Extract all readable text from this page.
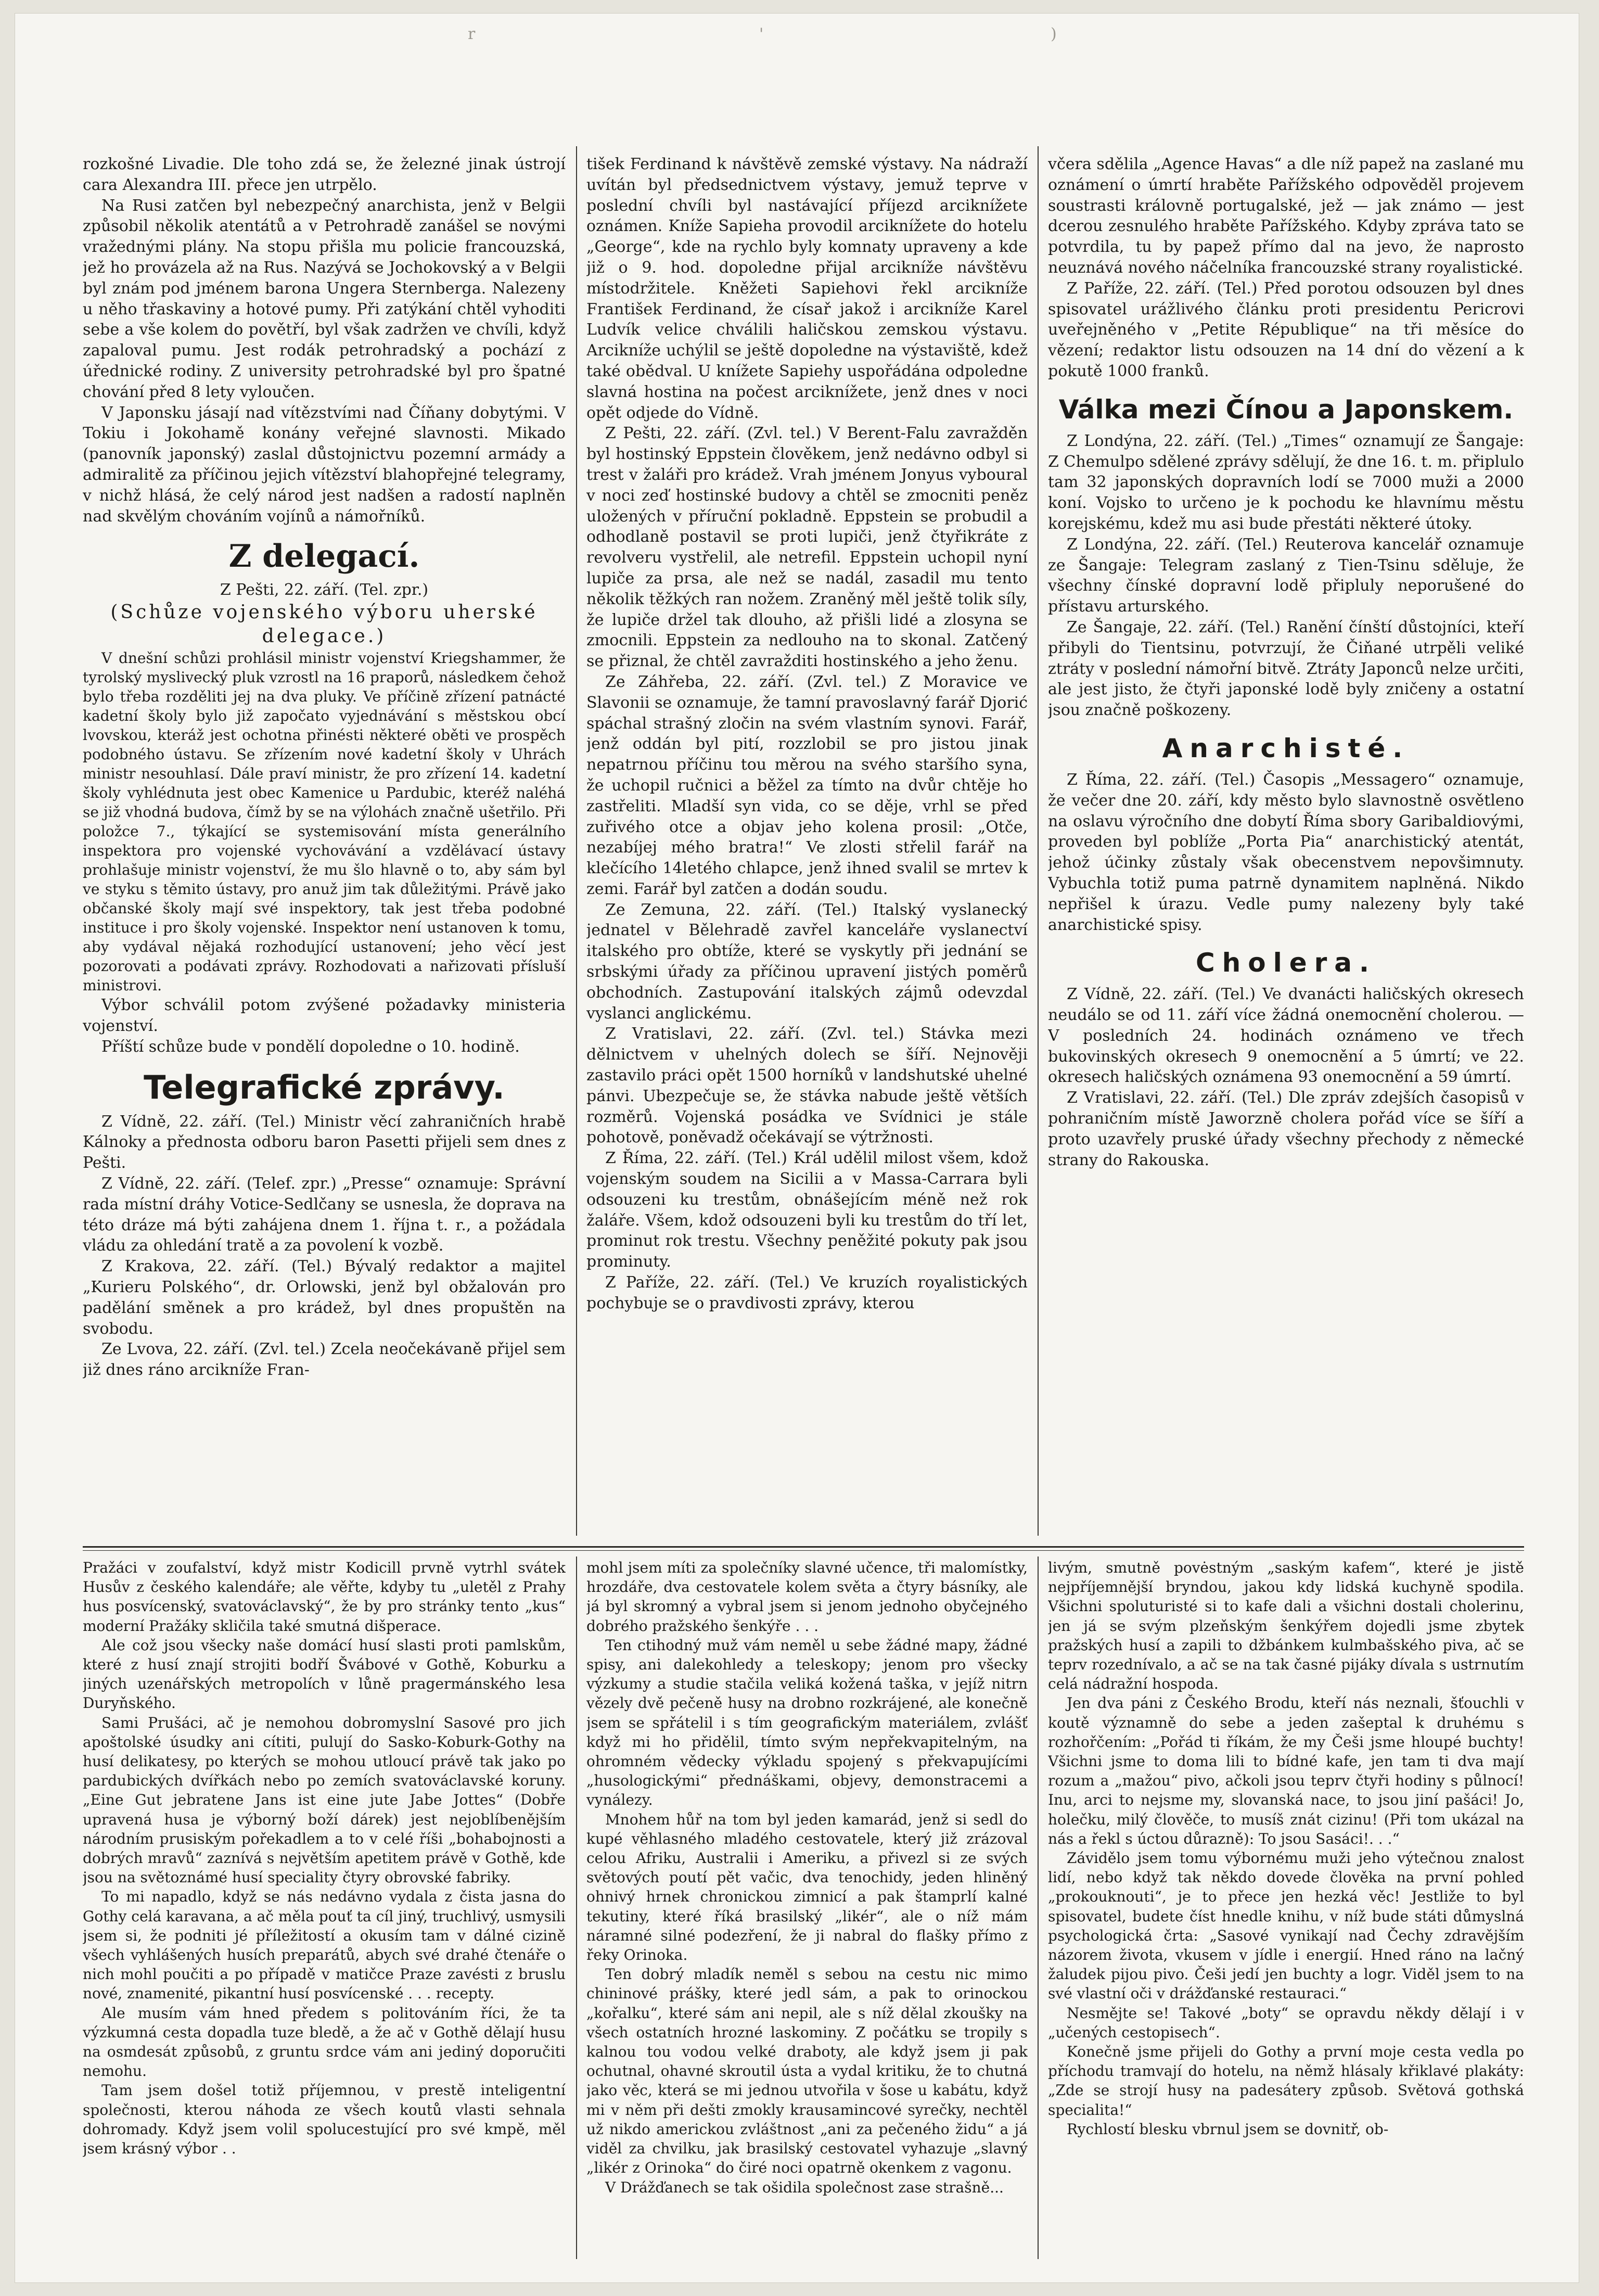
r	'	)

rozkošné Livadie. Dle toho zdá se, že železné jinak ústrojí cara Alexandra III. přece jen utrpělo.

Na Rusi zatčen byl nebezpečný anarchista, jenž v Belgii způsobil několik atentátů a v Petrohradě zanášel se novými vražednými plány. Na stopu přišla mu policie francouzská, jež ho provázela až na Rus. Nazývá se Jochokovský a v Belgii byl znám pod jménem barona Ungera Sternberga. Nalezeny u něho třaskaviny a hotové pumy. Při zatýkání chtěl vyhoditi sebe a vše kolem do povětří, byl však zadržen ve chvíli, když zapaloval pumu. Jest rodák petrohradský a pochází z úřednické rodiny. Z university petrohradské byl pro špatné chování před 8 lety vyloučen.

V Japonsku jásají nad vítězstvími nad Číňany dobytými. V Tokiu i Jokohamě konány veřejné slavnosti. Mikado (panovník japonský) zaslal důstojnictvu pozemní armády a admiralitě za příčinou jejich vítězství blahopřejné telegramy, v nichž hlásá, že celý národ jest nadšen a radostí naplněn nad skvělým chováním vojínů a námořníků.

Z delegací.

Z Pešti, 22. září. (Tel. zpr.)

(Schůze vojenského výboru uherské delegace.)

V dnešní schůzi prohlásil ministr vojenství Kriegshammer, že tyrolský myslivecký pluk vzrostl na 16 praporů, následkem čehož bylo třeba rozděliti jej na dva pluky. Ve příčině zřízení patnácté kadetní školy bylo již započato vyjednávání s městskou obcí lvovskou, kteráž jest ochotna přinésti některé oběti ve prospěch podobného ústavu. Se zřízením nové kadetní školy v Uhrách ministr nesouhlasí. Dále praví ministr, že pro zřízení 14. kadetní školy vyhlédnuta jest obec Kamenice u Pardubic, kteréž naléhá se již vhodná budova, čímž by se na výlohách značně ušetřilo. Při položce 7., týkající se systemisování místa generálního inspektora pro vojenské vychovávání a vzdělávací ústavy prohlašuje ministr vojenství, že mu šlo hlavně o to, aby sám byl ve styku s těmito ústavy, pro anuž jim tak důležitými. Právě jako občanské školy mají své inspektory, tak jest třeba podobné instituce i pro školy vojenské. Inspektor není ustanoven k tomu, aby vydával nějaká rozhodující ustanovení; jeho věcí jest pozorovati a podávati zprávy. Rozhodovati a nařizovati přísluší ministrovi.

Výbor schválil potom zvýšené požadavky ministeria vojenství.

Příští schůze bude v pondělí dopoledne o 10. hodině.

Telegrafické zprávy.

Z Vídně, 22. září. (Tel.) Ministr věcí zahraničních hrabě Kálnoky a přednosta odboru baron Pasetti přijeli sem dnes z Pešti.

Z Vídně, 22. září. (Telef. zpr.) „Presse“ oznamuje: Správní rada místní dráhy Votice-Sedlčany se usnesla, že doprava na této dráze má býti zahájena dnem 1. října t. r., a požádala vládu za ohledání tratě a za povolení k vozbě.

Z Krakova, 22. září. (Tel.) Bývalý redaktor a majitel „Kurieru Polského“, dr. Orlowski, jenž byl obžalován pro padělání směnek a pro krádež, byl dnes propuštěn na svobodu.

Ze Lvova, 22. září. (Zvl. tel.) Zcela neočekávaně přijel sem již dnes ráno arcikníže Fran-

tišek Ferdinand k návštěvě zemské výstavy. Na nádraží uvítán byl předsednictvem výstavy, jemuž teprve v poslední chvíli byl nastávající příjezd arciknížete oznámen. Kníže Sapieha provodil arciknížete do hotelu „George“, kde na rychlo byly komnaty upraveny a kde již o 9. hod. dopoledne přijal arcikníže návštěvu místodržitele. Kněžeti Sapiehovi řekl arcikníže František Ferdinand, že císař jakož i arcikníže Karel Ludvík velice chválili haličskou zemskou výstavu. Arcikníže uchýlil se ještě dopoledne na výstaviště, kdež také obědval. U knížete Sapiehy uspořádána odpoledne slavná hostina na počest arciknížete, jenž dnes v noci opět odjede do Vídně.

Z Pešti, 22. září. (Zvl. tel.) V Berent-Falu zavražděn byl hostinský Eppstein člověkem, jenž nedávno odbyl si trest v žaláři pro krádež. Vrah jménem Jonyus vyboural v noci zeď hostinské budovy a chtěl se zmocniti peněz uložených v příruční pokladně. Eppstein se probudil a odhodlaně postavil se proti lupiči, jenž čtyřikráte z revolveru vystřelil, ale netrefil. Eppstein uchopil nyní lupiče za prsa, ale než se nadál, zasadil mu tento několik těžkých ran nožem. Zraněný měl ještě tolik síly, že lupiče držel tak dlouho, až přišli lidé a zlosyna se zmocnili. Eppstein za nedlouho na to skonal. Zatčený se přiznal, že chtěl zavražditi hostinského a jeho ženu.

Ze Záhřeba, 22. září. (Zvl. tel.) Z Moravice ve Slavonii se oznamuje, že tamní pravoslavný farář Djorić spáchal strašný zločin na svém vlastním synovi. Farář, jenž oddán byl pití, rozzlobil se pro jistou jinak nepatrnou příčinu tou měrou na svého staršího syna, že uchopil ručnici a běžel za tímto na dvůr chtěje ho zastřeliti. Mladší syn vida, co se děje, vrhl se před zuřivého otce a objav jeho kolena prosil: „Otče, nezabíjej mého bratra!“ Ve zlosti střelil farář na klečícího 14letého chlapce, jenž ihned svalil se mrtev k zemi. Farář byl zatčen a dodán soudu.

Ze Zemuna, 22. září. (Tel.) Italský vyslanecký jednatel v Bělehradě zavřel kanceláře vyslanectví italského pro obtíže, které se vyskytly při jednání se srbskými úřady za příčinou upravení jistých poměrů obchodních. Zastupování italských zájmů odevzdal vyslanci anglickému.

Z Vratislavi, 22. září. (Zvl. tel.) Stávka mezi dělnictvem v uhelných dolech se šíří. Nejnověji zastavilo práci opět 1500 horníků v landshutské uhelné pánvi. Ubezpečuje se, že stávka nabude ještě větších rozměrů. Vojenská posádka ve Svídnici je stále pohotově, poněvadž očekávají se výtržnosti.

Z Říma, 22. září. (Tel.) Král udělil milost všem, kdož vojenským soudem na Sicilii a v Massa-Carrara byli odsouzeni ku trestům, obnášejícím méně než rok žaláře. Všem, kdož odsouzeni byli ku trestům do tří let, prominut rok trestu. Všechny peněžité pokuty pak jsou prominuty.

Z Paříže, 22. září. (Tel.) Ve kruzích royalistických pochybuje se o pravdivosti zprávy, kterou

včera sdělila „Agence Havas“ a dle níž papež na zaslané mu oznámení o úmrtí hraběte Pařížského odpověděl projevem soustrasti královně portugalské, jež — jak známo — jest dcerou zesnulého hraběte Pařížského. Kdyby zpráva tato se potvrdila, tu by papež přímo dal na jevo, že naprosto neuznává nového náčelníka francouzské strany royalistické.

Z Paříže, 22. září. (Tel.) Před porotou odsouzen byl dnes spisovatel urážlivého článku proti presidentu Pericrovi uveřejněného v „Petite République“ na tři měsíce do vězení; redaktor listu odsouzen na 14 dní do vězení a k pokutě 1000 franků.

Válka mezi Čínou a Japonskem.

Z Londýna, 22. září. (Tel.) „Times“ oznamují ze Šangaje: Z Chemulpo sdělené zprávy sdělují, že dne 16. t. m. připlulo tam 32 japonských dopravních lodí se 7000 muži a 2000 koní. Vojsko to určeno je k pochodu ke hlavnímu městu korejskému, kdež mu asi bude přestáti některé útoky.

Z Londýna, 22. září. (Tel.) Reuterova kancelář oznamuje ze Šangaje: Telegram zaslaný z Tien-Tsinu sděluje, že všechny čínské dopravní lodě připluly neporušené do přístavu arturského.

Ze Šangaje, 22. září. (Tel.) Ranění čínští důstojníci, kteří přibyli do Tientsinu, potvrzují, že Čiňané utrpěli veliké ztráty v poslední námořní bitvě. Ztráty Japonců nelze určiti, ale jest jisto, že čtyři japonské lodě byly zničeny a ostatní jsou značně poškozeny.

Anarchisté.

Z Říma, 22. září. (Tel.) Časopis „Messagero“ oznamuje, že večer dne 20. září, kdy město bylo slavnostně osvětleno na oslavu výročního dne dobytí Říma sbory Garibaldiovými, proveden byl poblíže „Porta Pia“ anarchistický atentát, jehož účinky zůstaly však obecenstvem nepovšimnuty. Vybuchla totiž puma patrně dynamitem naplněná. Nikdo nepřišel k úrazu. Vedle pumy nalezeny byly také anarchistické spisy.

Cholera.

Z Vídně, 22. září. (Tel.) Ve dvanácti haličských okresech neudálo se od 11. září více žádná onemocnění cholerou. — V posledních 24. hodinách oznámeno ve třech bukovinských okresech 9 onemocnění a 5 úmrtí; ve 22. okresech haličských oznámena 93 onemocnění a 59 úmrtí.

Z Vratislavi, 22. září. (Tel.) Dle zpráv zdejších časopisů v pohraničním místě Jaworzně cholera pořád více se šíří a proto uzavřely pruské úřady všechny přechody z německé strany do Rakouska.

Pražáci v zoufalství, když mistr Kodicill prvně vytrhl svátek Husův z českého kalendáře; ale věřte, kdyby tu „uletěl z Prahy hus posvícenský, svatováclavský“, že by pro stránky tento „kus“ moderní Pražáky skličila také smutná dišperace.

Ale což jsou všecky naše domácí husí slasti proti pamlskům, které z husí znají strojiti bodří Švábové v Gothě, Koburku a jiných uzenářských metropolích v lůně pragermánského lesa Duryňského.

Sami Prušáci, ač je nemohou dobromyslní Sasové pro jich apoštolské úsudky ani cítiti, pulují do Sasko-Koburk-Gothy na husí delikatesy, po kterých se mohou utloucí právě tak jako po pardubických dvířkách nebo po zemích svatováclavské koruny. „Eine Gut jebratene Jans ist eine jute Jabe Jottes“ (Dobře upravená husa je výborný boží dárek) jest nejoblíbenějším národním prusiským pořekadlem a to v celé říši „bohabojnosti a dobrých mravů“ zaznívá s největším apetitem právě v Gothě, kde jsou na světoznámé husí speciality čtyry obrovské fabriky.

To mi napadlo, když se nás nedávno vydala z čista jasna do Gothy celá karavana, a ač měla pouť ta cíl jiný, truchlivý, usmysili jsem si, že podniti jé příležitostí a okusím tam v dálné cizině všech vyhlášených husích preparátů, abych své drahé čtenáře o nich mohl poučiti a po případě v matičce Praze zavésti z bruslu nové, znamenité, pikantní husí posvícenské . . . recepty.

Ale musím vám hned předem s politováním říci, že ta výzkumná cesta dopadla tuze bledě, a že ač v Gothě dělají husu na osmdesát způsobů, z gruntu srdce vám ani jediný doporučiti nemohu.

Tam jsem došel totiž příjemnou, v prestě inteligentní společnosti, kterou náhoda ze všech koutů vlasti sehnala dohromady. Když jsem volil spolucestující pro své kmpě, měl jsem krásný výbor . .

mohl jsem míti za společníky slavné učence, tři malomístky, hrozdáře, dva cestovatele kolem světa a čtyry básníky, ale já byl skromný a vybral jsem si jenom jednoho obyčejného dobrého pražského šenkýře . . .

Ten ctihodný muž vám neměl u sebe žádné mapy, žádné spisy, ani dalekohledy a teleskopy; jenom pro všecky výzkumy a studie stačila veliká kožená taška, v jejíž nitrn vězely dvě pečeně husy na drobno rozkrájené, ale konečně jsem se spřátelil i s tím geografickým materiálem, zvlášť když mi ho přidělil, tímto svým nepřekvapitelným, na ohromném vědecky výkladu spojený s překvapujícími „husologickými“ přednáškami, objevy, demonstracemi a vynálezy.

Mnohem hůř na tom byl jeden kamarád, jenž si sedl do kupé věhlasného mladého cestovatele, který již zrázoval celou Afriku, Australii i Ameriku, a přivezl si ze svých světových poutí pět vačic, dva tenochidy, jeden hliněný ohnivý hrnek chronickou zimnicí a pak štamprlí kalné tekutiny, které říká brasilský „likér“, ale o níž mám náramné silné podezření, že ji nabral do flašky přímo z řeky Orinoka.

Ten dobrý mladík neměl s sebou na cestu nic mimo chininové prášky, které jedl sám, a pak to orinockou „kořalku“, které sám ani nepil, ale s níž dělal zkoušky na všech ostatních hrozné laskominy. Z počátku se tropily s kalnou tou vodou velké draboty, ale když jsem ji pak ochutnal, ohavné skroutil ústa a vydal kritiku, že to chutná jako věc, která se mi jednou utvořila v šose u kabátu, když mi v něm při dešti zmokly krausamincové syrečky, nechtěl už nikdo americkou zvláštnost „ani za pečeného židu“ a já viděl za chvilku, jak brasilský cestovatel vyhazuje „slavný „likér z Orinoka“ do čiré noci opatrně okenkem z vagonu.

V Drážďanech se tak ošidila společnost zase strašně...

livým, smutně povėstným „saským kafem“, které je jistě nejpříjemnější bryndou, jakou kdy lidská kuchyně spodila. Všichni spoluturisté si to kafe dali a všichni dostali cholerinu, jen já se svým plzeňským šenkýřem dojedli jsme zbytek pražských husí a zapili to džbánkem kulmbašského piva, ač se teprv rozednívalo, a ač se na tak časné pijáky dívala s ustrnutím celá nádražní hospoda.

Jen dva páni z Českého Brodu, kteří nás neznali, šťouchli v koutě významně do sebe a jeden zašeptal k druhému s rozhořčením: „Pořád ti říkám, že my Češi jsme hloupé buchty! Všichni jsme to doma lili to bídné kafe, jen tam ti dva mají rozum a „mažou“ pivo, ačkoli jsou teprv čtyři hodiny s půlnocí! Inu, arci to nejsme my, slovanská nace, to jsou jiní pašáci! Jo, holečku, milý člověče, to musíš znát cizinu! (Při tom ukázal na nás a řekl s úctou důrazně): To jsou Sasáci!. . .“

Závidělo jsem tomu výbornému muži jeho výtečnou znalost lidí, nebo když tak někdo dovede člověka na první pohled „prokouknouti“, je to přece jen hezká věc! Jestliže to byl spisovatel, budete číst hnedle knihu, v níž bude státi důmyslná psychologická črta: „Sasové vynikají nad Čechy zdravějším názorem života, vkusem v jídle i energií. Hned ráno na lačný žaludek pijou pivo. Češi jedí jen buchty a logr. Viděl jsem to na své vlastní oči v drážďanské restauraci.“

Nesmějte se! Takové „boty“ se opravdu někdy dělají i v „učených cestopisech“.

Konečně jsme přijeli do Gothy a první moje cesta vedla po příchodu tramvají do hotelu, na němž hlásaly křiklavé plakáty: „Zde se strojí husy na padesátery způsob. Světová gothská specialita!“

Rychlostí blesku vbrnul jsem se dovnitř, ob-
